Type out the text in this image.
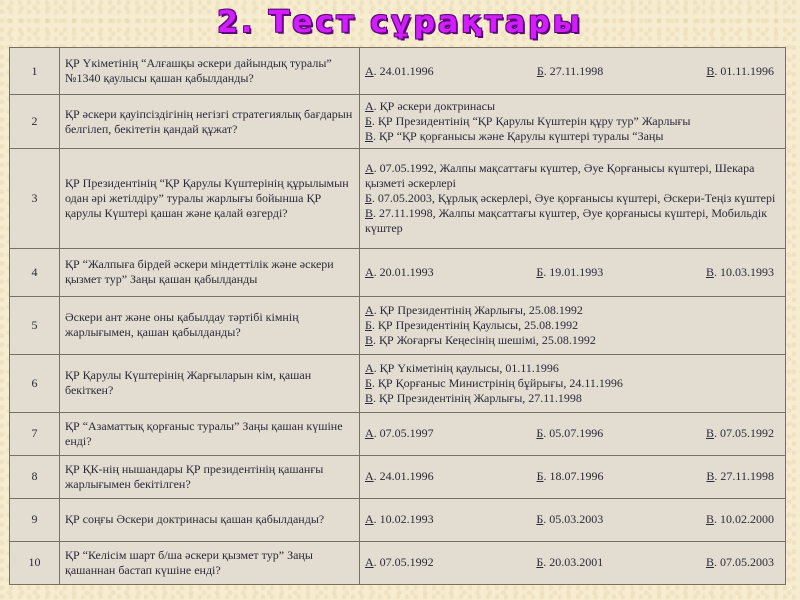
2. Тест сұрақтары
1	ҚР Үкіметінің “Алғашқы әскери дайындық туралы” №1340 қаулысы қашан қабылданды?	А. 24.01.1996 Б. 27.11.1998 В. 01.11.1996

2	ҚР әскери қауіпсіздігінің негізгі стратегиялық бағдарын белгілеп, бекітетін қандай құжат?	А. ҚР әскери доктринасы
Б. ҚР Президентінің “ҚР Қарулы Күштерін құру тур” Жарлығы
В. ҚР “ҚР қорғанысы және Қарулы күштері туралы “Заңы

3	ҚР Президентінің “ҚР Қарулы Күштерінің құрылымын одан әрі жетілдіру” туралы жарлығы бойынша ҚР қарулы Күштері қашан және қалай өзгерді?	А. 07.05.1992, Жалпы мақсаттағы күштер, Әуе Қорғанысы күштері, Шекара қызметі әскерлері
Б. 07.05.2003, Құрлық әскерлері, Әуе қорғанысы күштері, Әскери-Теңіз күштері
В. 27.11.1998, Жалпы мақсаттағы күштер, Әуе қорғанысы күштері, Мобильдік күштер

4	ҚР “Жалпыға бірдей әскери міндеттілік және әскери қызмет тур” Заңы қашан қабылданды	А. 20.01.1993 Б. 19.01.1993 В. 10.03.1993

5	Әскери ант және оны қабылдау тәртібі кімнің жарлығымен, қашан қабылданды?	А. ҚР Президентінің Жарлығы, 25.08.1992
Б. ҚР Президентінің Қаулысы, 25.08.1992
В. ҚР Жоғарғы Кеңесінің шешімі, 25.08.1992

6	ҚР Қарулы Күштерінің Жарғыларын кім, қашан бекіткен?	А. ҚР Үкіметінің қаулысы, 01.11.1996
Б. ҚР Қорғаныс Министрінің бұйрығы, 24.11.1996
В. ҚР Президентінің Жарлығы, 27.11.1998

7	ҚР “Азаматтық қорғаныс туралы” Заңы қашан күшіне енді?	А. 07.05.1997 Б. 05.07.1996 В. 07.05.1992

8	ҚР ҚК-нің нышандары ҚР президентінің қашанғы жарлығымен бекітілген?	А. 24.01.1996 Б. 18.07.1996 В. 27.11.1998

9	ҚР соңғы Әскери доктринасы қашан қабылданды?	А. 10.02.1993 Б. 05.03.2003 В. 10.02.2000

10	ҚР “Келісім шарт б/ша әскери қызмет тур” Заңы қашаннан бастап күшіне енді?	А. 07.05.1992 Б. 20.03.2001 В. 07.05.2003
